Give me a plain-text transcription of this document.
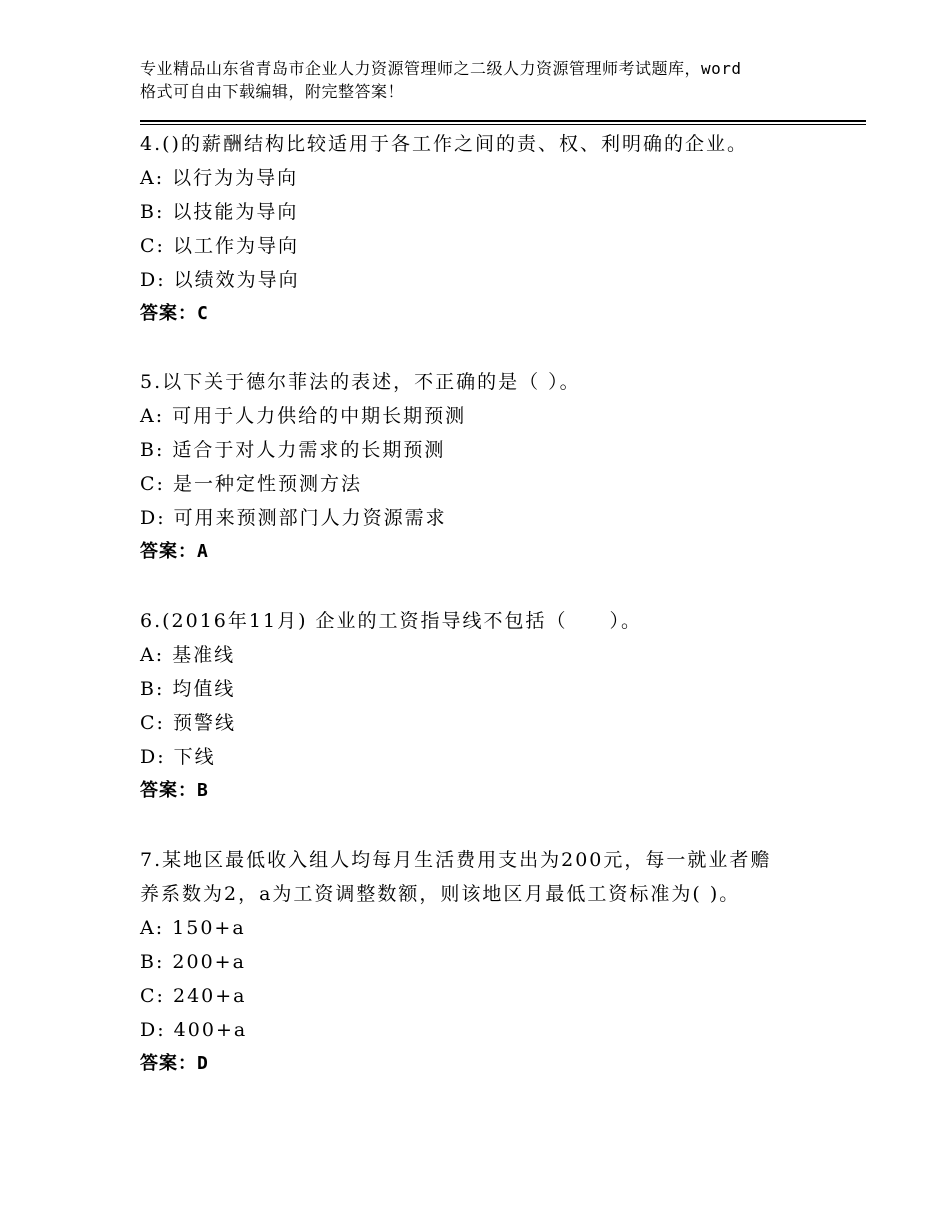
专业精品山东省青岛市企业人力资源管理师之二级人力资源管理师考试题库，word
格式可自由下载编辑，附完整答案！
4.()的薪酬结构比较适用于各工作之间的责、权、利明确的企业。
A: 以行为为导向
B: 以技能为导向
C: 以工作为导向
D: 以绩效为导向
答案：C
5.以下关于德尔菲法的表述，不正确的是（ ）。
A: 可用于人力供给的中期长期预测
B: 适合于对人力需求的长期预测
C: 是一种定性预测方法
D: 可用来预测部门人力资源需求
答案：A
6.(2016年11月) 企业的工资指导线不包括（　　）。
A: 基准线
B: 均值线
C: 预警线
D: 下线
答案：B
7.某地区最低收入组人均每月生活费用支出为200元，每一就业者赡
养系数为2，a为工资调整数额，则该地区月最低工资标准为( )。
A: 150+a
B: 200+a
C: 240+a
D: 400+a
答案：D
